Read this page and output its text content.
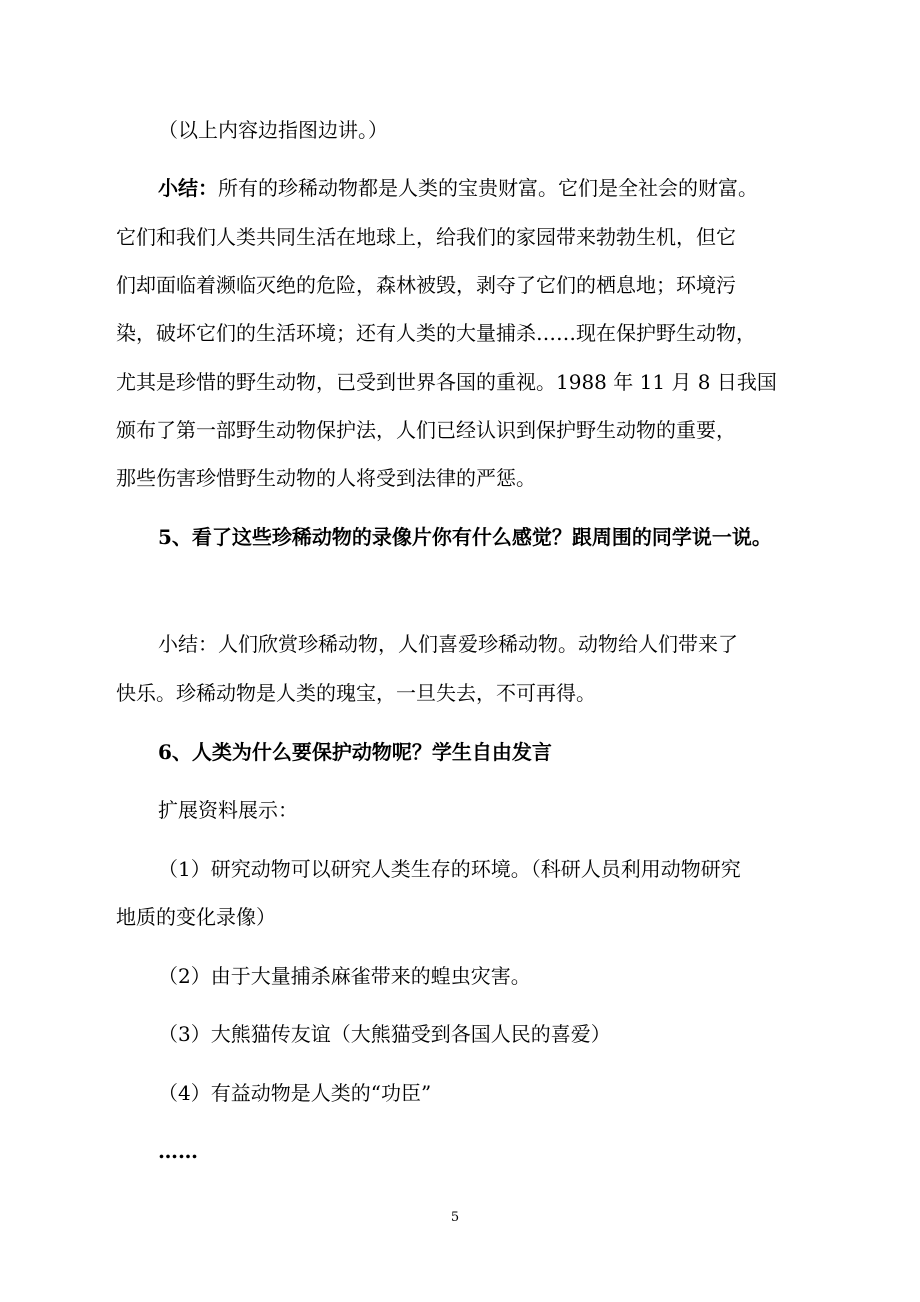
（以上内容边指图边讲。）
小结：所有的珍稀动物都是人类的宝贵财富。它们是全社会的财富。
它们和我们人类共同生活在地球上，给我们的家园带来勃勃生机，但它
们却面临着濒临灭绝的危险，森林被毁，剥夺了它们的栖息地；环境污
染，破坏它们的生活环境；还有人类的大量捕杀……现在保护野生动物，
尤其是珍惜的野生动物，已受到世界各国的重视。1988 年 11 月 8 日我国
颁布了第一部野生动物保护法，人们已经认识到保护野生动物的重要，
那些伤害珍惜野生动物的人将受到法律的严惩。
5、看了这些珍稀动物的录像片你有什么感觉？跟周围的同学说一说。
小结：人们欣赏珍稀动物，人们喜爱珍稀动物。动物给人们带来了
快乐。珍稀动物是人类的瑰宝，一旦失去，不可再得。
6、人类为什么要保护动物呢？学生自由发言
扩展资料展示：
（1）研究动物可以研究人类生存的环境。（科研人员利用动物研究
地质的变化录像）
（2）由于大量捕杀麻雀带来的蝗虫灾害。
（3）大熊猫传友谊（大熊猫受到各国人民的喜爱）
（4）有益动物是人类的“功臣”
……
5
